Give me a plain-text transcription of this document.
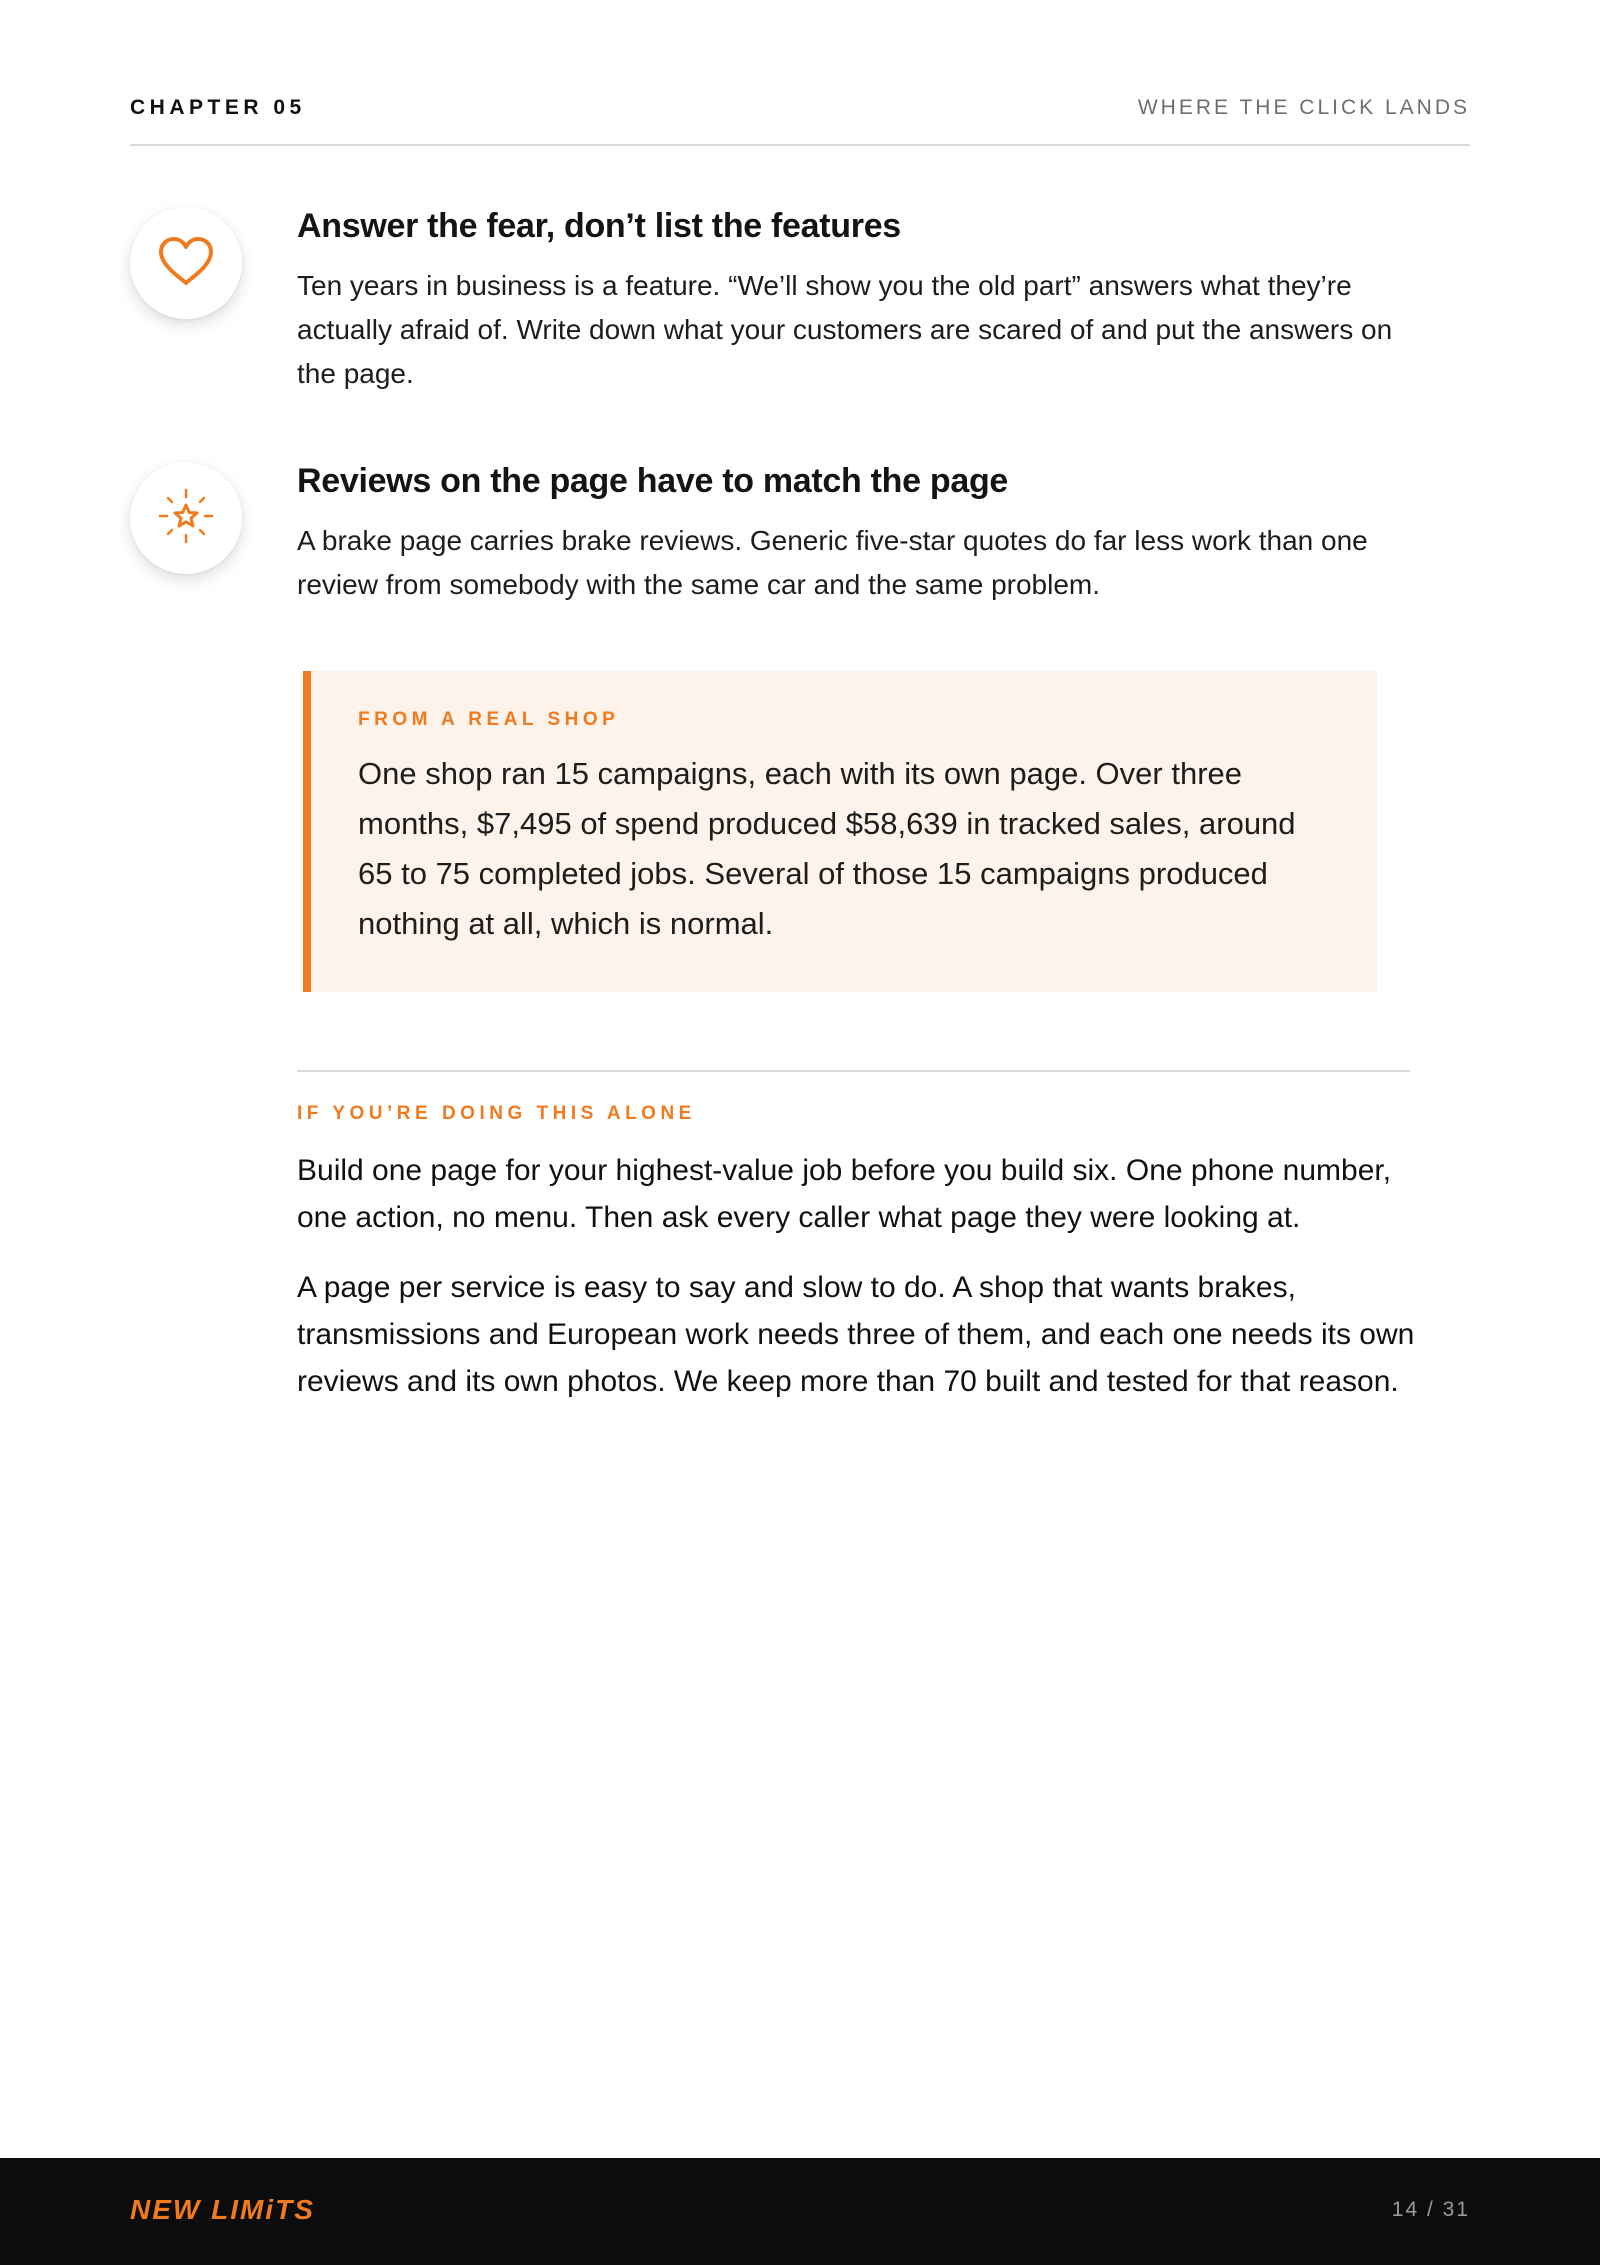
CHAPTER 05	WHERE THE CLICK LANDS
Answer the fear, don’t list the features

Ten years in business is a feature. “We’ll show you the old part” answers what they’re actually afraid of. Write down what your customers are scared of and put the answers on the page.

Reviews on the page have to match the page

A brake page carries brake reviews. Generic five-star quotes do far less work than one review from somebody with the same car and the same problem.

FROM A REAL SHOP

One shop ran 15 campaigns, each with its own page. Over three months, $7,495 of spend produced $58,639 in tracked sales, around 65 to 75 completed jobs. Several of those 15 campaigns produced nothing at all, which is normal.

IF YOU’RE DOING THIS ALONE

Build one page for your highest-value job before you build six. One phone number, one action, no menu. Then ask every caller what page they were looking at.

A page per service is easy to say and slow to do. A shop that wants brakes, transmissions and European work needs three of them, and each one needs its own reviews and its own photos. We keep more than 70 built and tested for that reason.

NEW LIMiTS	14 / 31
